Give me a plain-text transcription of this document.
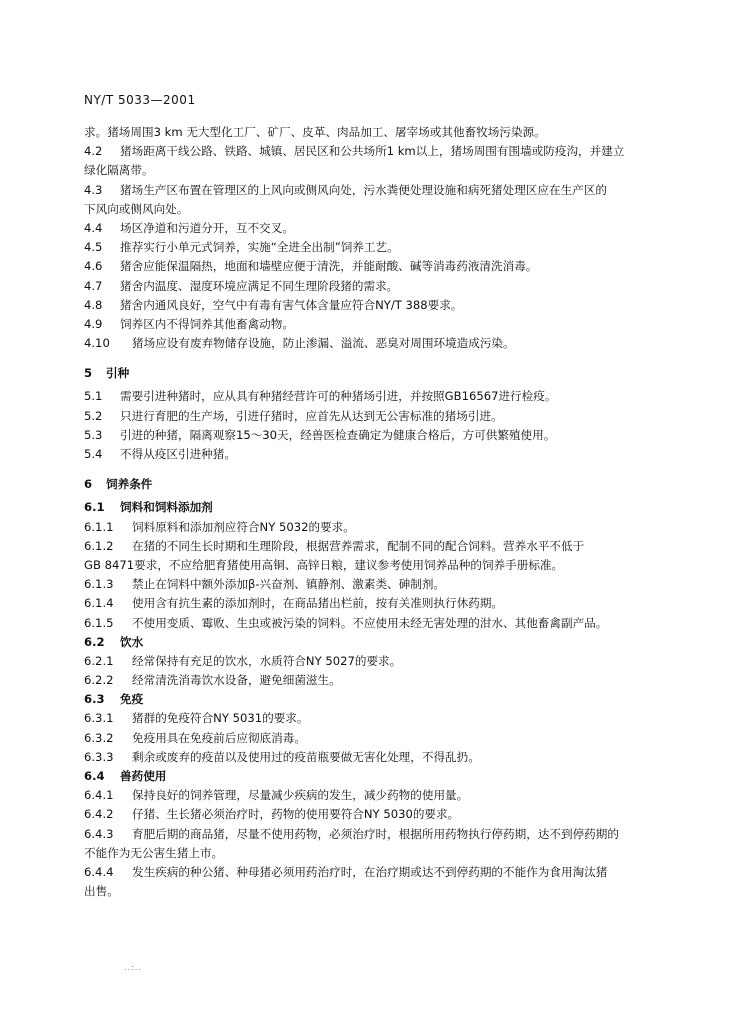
NY/T 5033—2001
求。猪场周围3 km 无大型化工厂、矿厂、皮革、肉品加工、屠宰场或其他畜牧场污染源。
4.2 猪场距离干线公路、铁路、城镇、居民区和公共场所1 km以上，猪场周围有围墙或防疫沟，并建立
绿化隔离带。
4.3 猪场生产区布置在管理区的上风向或侧风向处，污水粪便处理设施和病死猪处理区应在生产区的
下风向或侧风向处。
4.4 场区净道和污道分开，互不交叉。
4.5 推荐实行小单元式饲养，实施“全进全出制”饲养工艺。
4.6 猪舍应能保温隔热，地面和墙壁应便于清洗，并能耐酸、碱等消毒药液清洗消毒。
4.7 猪舍内温度、湿度环境应满足不同生理阶段猪的需求。
4.8 猪舍内通风良好，空气中有毒有害气体含量应符合NY/T 388要求。
4.9 饲养区内不得饲养其他畜禽动物。
4.10 猪场应设有废弃物储存设施，防止渗漏、溢流、恶臭对周围环境造成污染。
5 引种
5.1 需要引进种猪时，应从具有种猪经营许可的种猪场引进，并按照GB16567进行检疫。
5.2 只进行育肥的生产场，引进仔猪时，应首先从达到无公害标准的猪场引进。
5.3 引进的种猪，隔离观察15～30天，经兽医检查确定为健康合格后，方可供繁殖使用。
5.4 不得从疫区引进种猪。
6 饲养条件
6.1 饲料和饲料添加剂
6.1.1 饲料原料和添加剂应符合NY 5032的要求。
6.1.2 在猪的不同生长时期和生理阶段，根据营养需求，配制不同的配合饲料。营养水平不低于
GB 8471要求，不应给肥育猪使用高铜、高锌日粮，建议参考使用饲养品种的饲养手册标准。
6.1.3 禁止在饲料中额外添加β-兴奋剂、镇静剂、激素类、砷制剂。
6.1.4 使用含有抗生素的添加剂时，在商品猪出栏前，按有关准则执行休药期。
6.1.5 不使用变质、霉败、生虫或被污染的饲料。不应使用未经无害处理的泔水、其他畜禽副产品。
6.2 饮水
6.2.1 经常保持有充足的饮水，水质符合NY 5027的要求。
6.2.2 经常清洗消毒饮水设备，避免细菌滋生。
6.3 免疫
6.3.1 猪群的免疫符合NY 5031的要求。
6.3.2 免疫用具在免疫前后应彻底消毒。
6.3.3 剩余或废弃的疫苗以及使用过的疫苗瓶要做无害化处理，不得乱扔。
6.4 兽药使用
6.4.1 保持良好的饲养管理，尽量减少疾病的发生，减少药物的使用量。
6.4.2 仔猪、生长猪必须治疗时，药物的使用要符合NY 5030的要求。
6.4.3 育肥后期的商品猪，尽量不使用药物，必须治疗时，根据所用药物执行停药期，达不到停药期的
不能作为无公害生猪上市。
6.4.4 发生疾病的种公猪、种母猪必须用药治疗时，在治疗期或达不到停药期的不能作为食用淘汰猪
出售。
..:..
